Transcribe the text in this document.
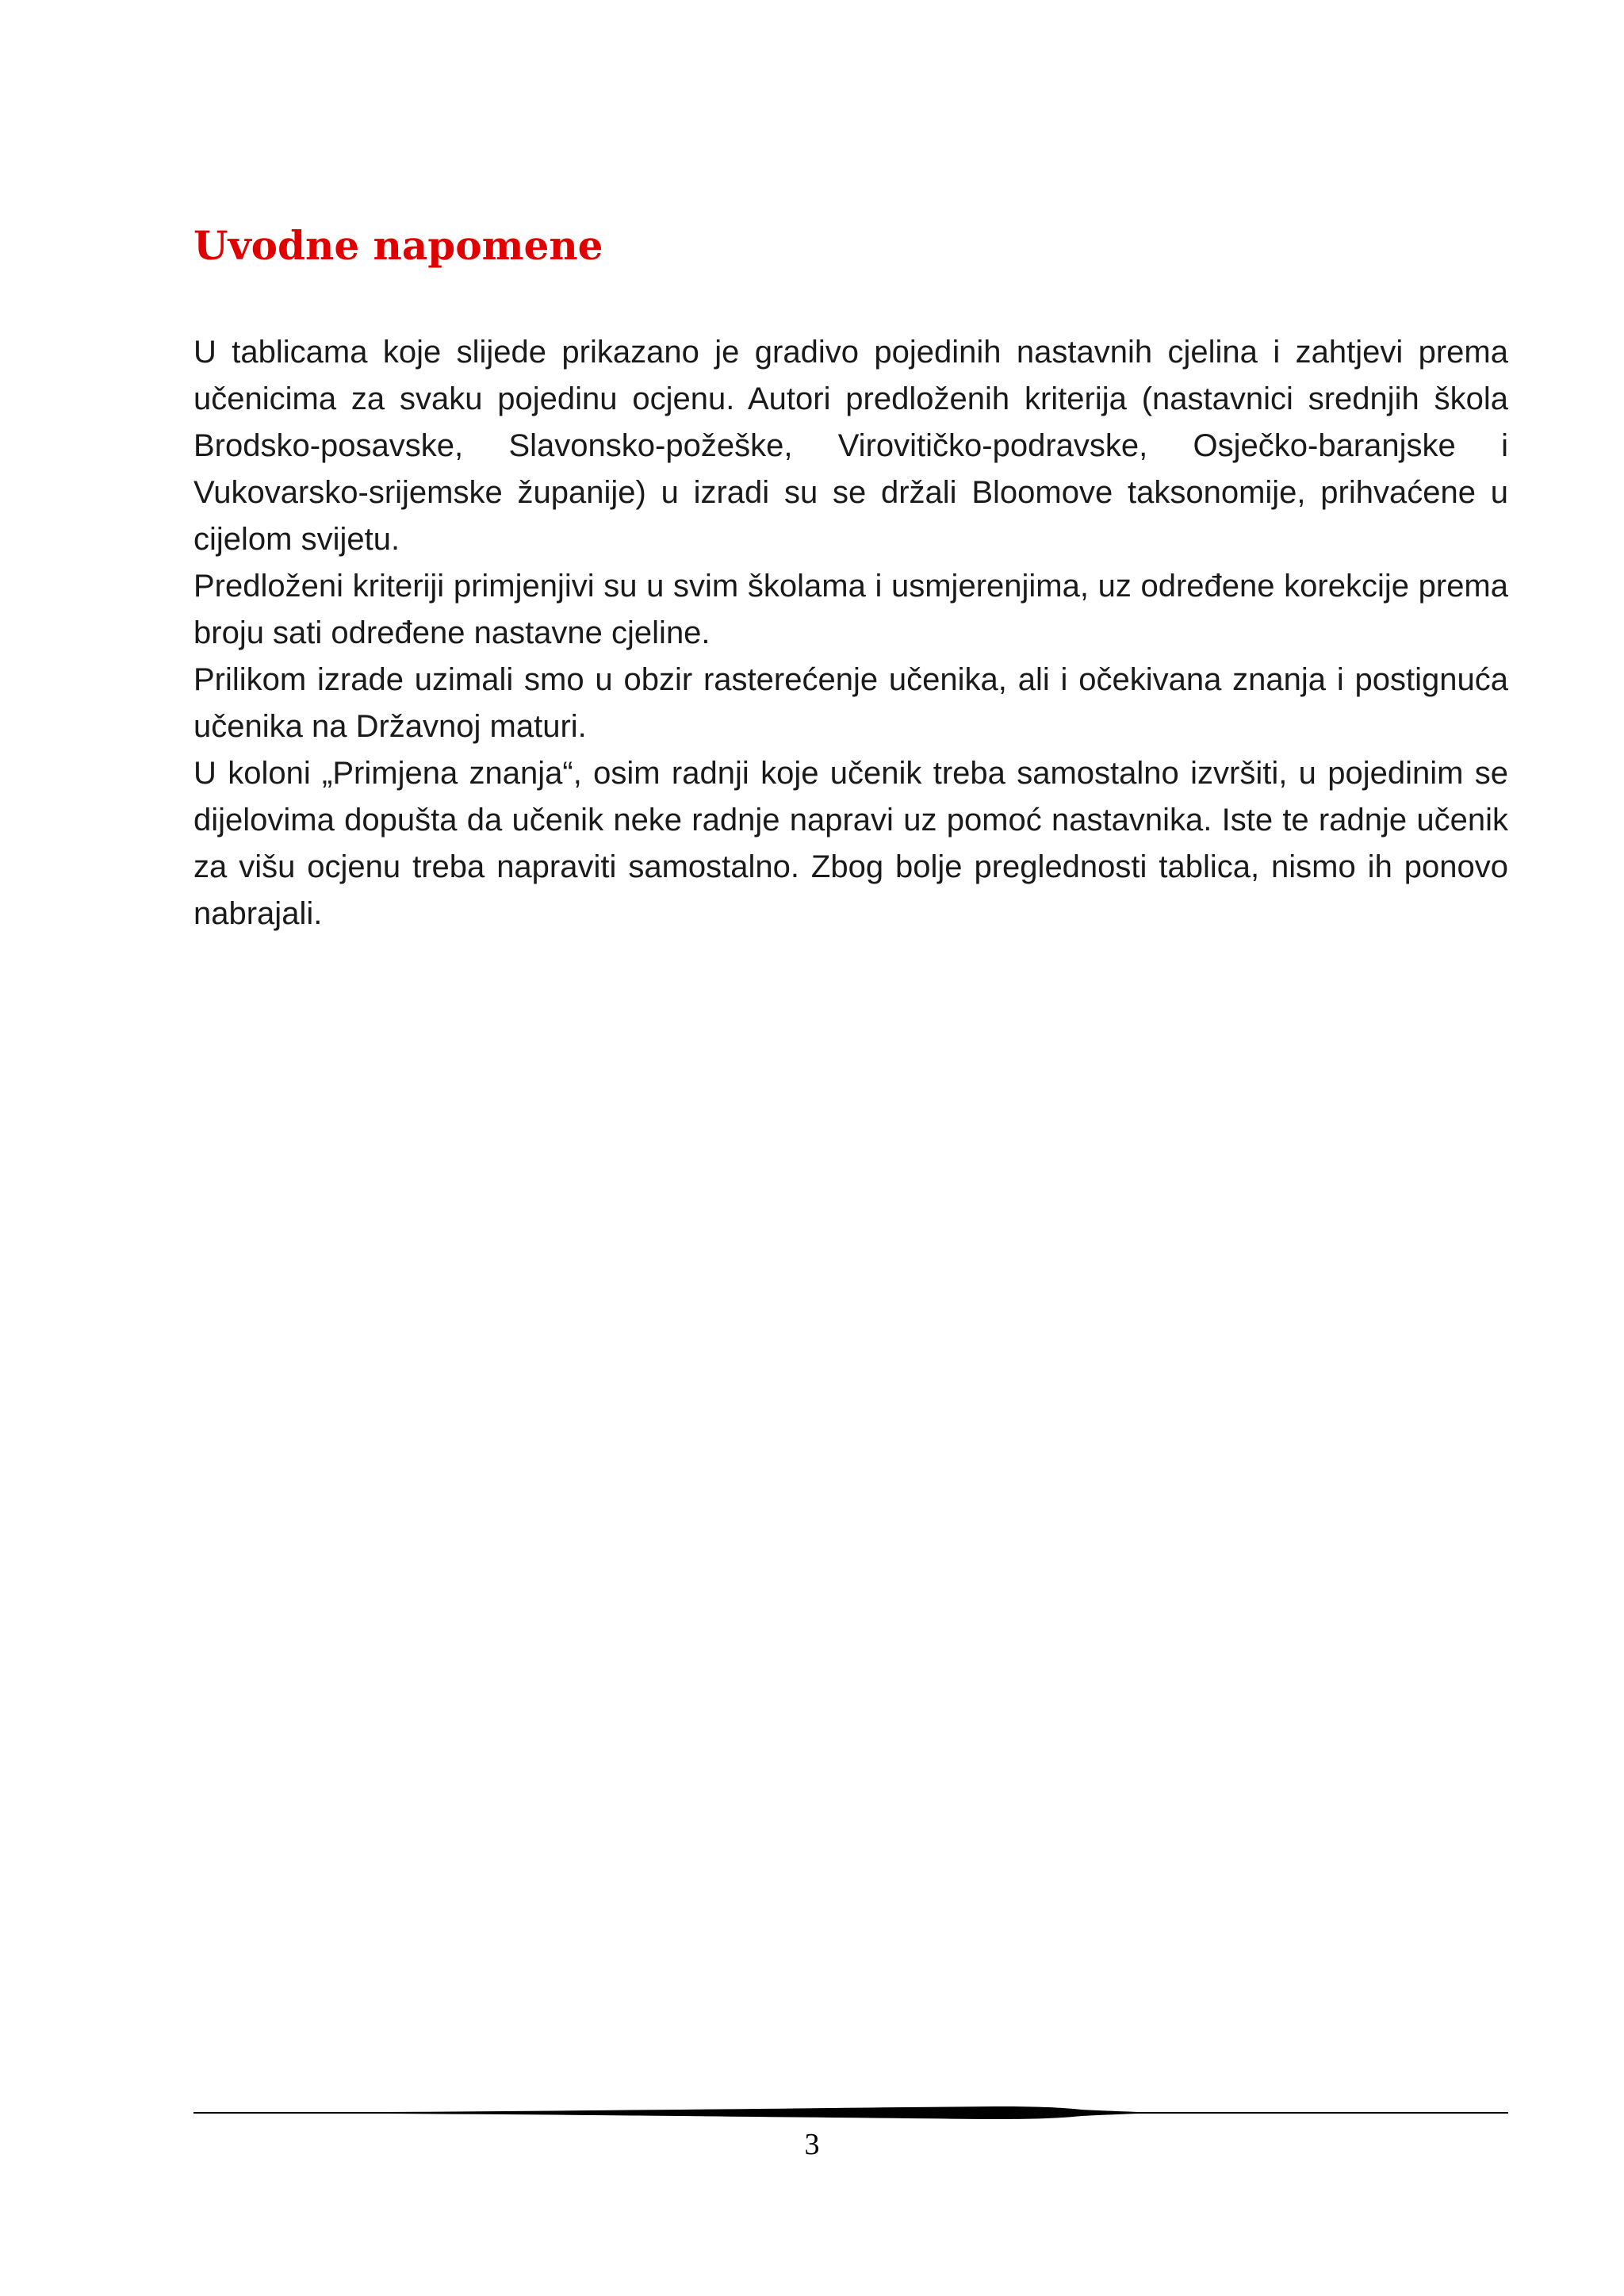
Uvodne napomene

U tablicama koje slijede prikazano je gradivo pojedinih nastavnih cjelina i zahtjevi prema učenicima za svaku pojedinu ocjenu. Autori predloženih kriterija (nastavnici srednjih škola Brodsko-posavske, Slavonsko-požeške, Virovitičko-podravske, Osječko-baranjske i Vukovarsko-srijemske županije) u izradi su se držali Bloomove taksonomije, prihvaćene u cijelom svijetu.

Predloženi kriteriji primjenjivi su u svim školama i usmjerenjima, uz određene korekcije prema broju sati određene nastavne cjeline.

Prilikom izrade uzimali smo u obzir rasterećenje učenika, ali i očekivana znanja i postignuća učenika na Državnoj maturi.

U koloni „Primjena znanja“, osim radnji koje učenik treba samostalno izvršiti, u pojedinim se dijelovima dopušta da učenik neke radnje napravi uz pomoć nastavnika. Iste te radnje učenik za višu ocjenu treba napraviti samostalno. Zbog bolje preglednosti tablica, nismo ih ponovo nabrajali.

3
